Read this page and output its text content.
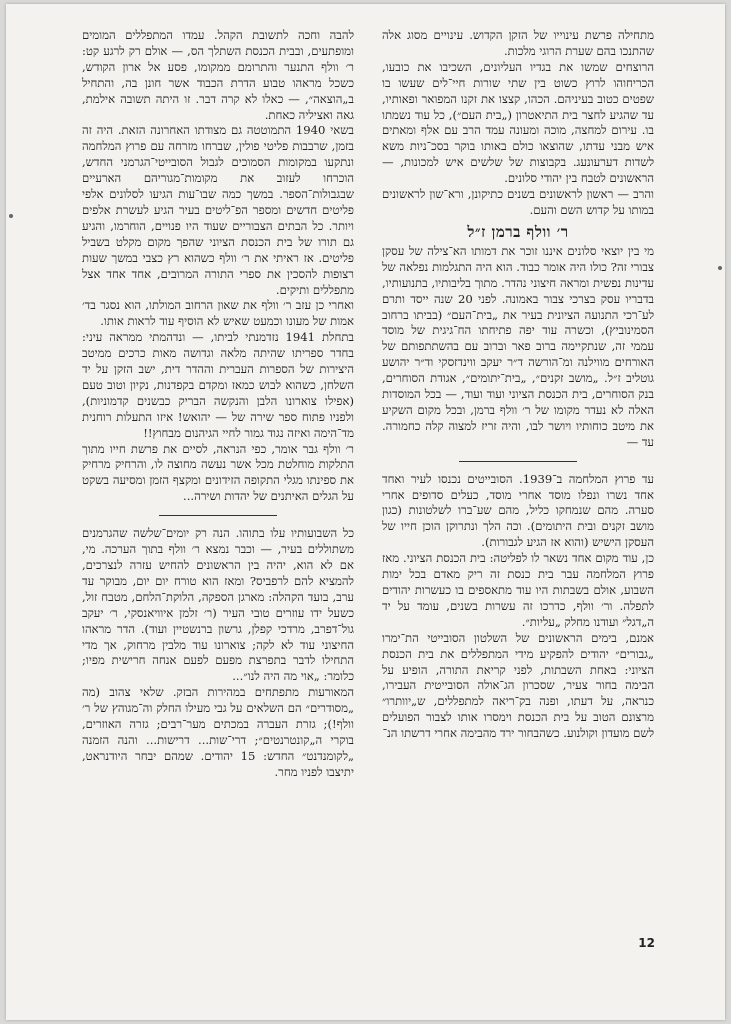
מתחילה פרשת עינוייו של הזקן הקדוש. עינויים מסוג אלה שהתנכו בהם שערת הרוגי מלכות.

הרוצחים שמשו את בגדיו העליונים, השכיבו את כובעו, הכריחוהו לרוץ כשוט בין שתי שורות חיי־לים שעשו בו שפטים כטוב בעיניהם. הכהו, קצצו את זקנו המפואר ופאותיו, עד שהגיע לחצר בית התיאטרון („בית העם״), כל עוד נשמתו בו. עירום למחצה, מוכה ומעונה עמד הרב עם אלף ומאתים איש מבני עדתו, שהוצאו כולם באותו בוקר בסכ־ניות משא לשדות דערעונעג. בקבוצות של שלשים איש למכונות, — הראשונים לטבח בין יהודי סלונים.

והרב — ראשון לראשונים בשנים כתיקונן, ורא־שון לראשונים במותו על קדוש השם והעם.

ר׳ וולף ברמן ז״ל

מי בין יוצאי סלונים איננו זוכר את דמותו הא־צילה של עסקן צבורי זה? כולו היה אומר כבוד. הוא היה התגלמות נפלאה של עדינות נפשית ומראה חיצוני נהדר. מתוך בליבותיו, בתנועותיו, בדבריו עסק בצרכי צבור באמונה. לפני 20 שנה ייסד ותרם לע־רכי התנועה הציונית בעיר את „בית־העם״ (בביתו ברחוב הסמינוביץ), וכשרה עוד יפה פתיחתו הח־גיגית של מוסד עממי זה, שנתקיימה ברוב פאר וברוב עם בהשתתפותם של האורחים מווילנה ומ־הורשה ד״ר יעקב ווינדזסקי וד״ר יהושע גוטליב ז״ל. „מושב זקנים״, „בית־יתומים״, אגודת הסוחרים, בנק הסוחרים, בית הכנסת הציוני ועוד ועוד, — בכל המוסדות האלה לא נעדר מקומו של ר׳ וולף ברמן, ובכל מקום השקיע את מיטב כוחותיו ויושר לבו, והיה זריז למצוה קלה כחמורה. עד —

עד פרוץ המלחמה ב־1939. הסובייטים נכנסו לעיר ואחד אחד נשרו ונפלו מוסד אחרי מוסד, כעלים סדופים אחרי סערה. מהם שנמחקו כליל, מהם שע־ברו לשלטונות (כגון מושב זקנים ובית היתומים). וכה הלך ונתרוקן הוכן חייו של העסקן הישיש (והוא אז הגיע לגבורות).

כן, עוד מקום אחד נשאר לו לפליטה: בית הכנסת הציוני. מאז פרוץ המלחמה עבר בית כנסת זה ריק מאדם בכל ימות השבוע, אולם בשבתות היו עוד מתאספים בו כעשרות יהודים לתפלה. ור׳ וולף, כדרכו זה עשרות בשנים, עומד על יד ה„דגל״ ועודנו מחלק „עליות״.

אמנם, בימים הראשונים של השלטון הסובייטי הת־ימרו „גבורים״ יהודים להפקיע מידי המתפללים את בית הכנסת הציוני: באחת השבתות, לפני קריאת התורה, הופיע על הבימה בחור צעיר, שסכרון הג־אולה הסובייטית העבירו, כנראה, על דעתו, ופנה בק־ריאה למתפללים, ש„יוותרו״ מרצונם הטוב על בית הכנסת וימסרו אותו לצבור הפועלים לשם מועדון וקולנוע. כשהבחור ירד מהבימה אחרי דרשתו הנ־

להבה וחכה לתשובת הקהל. עמדו המתפללים המומים ומופתעים, ובבית הכנסת השתלך הס, — אולם רק לרגע קט: ר׳ וולף התנער והתרומם ממקומו, פסע אל ארון הקודש, כשכל מראהו טבוע הדרת הכבוד אשר חונן בה, והתחיל ב„הוצאה״, — כאלו לא קרה דבר. זו היתה תשובה אילמת, גאה ואציליה כאחת.

בשאי 1940 התמוטטה גם מצודתו האחרונה הזאת. היה זה בזמן, שרבבות פליטי פולין, שברחו מזרחה עם פרוץ המלחמה ונתקעו במקומות הסמוכים לגבול הסובייטי־הגרמני החדש, הוכרחו לעזוב את מקומות־מגוריהם הארעיים שבגבולות־הספר. במשך כמה שבו־עות הגיעו לסלונים אלפי פליטים חדשים ומספר הפ־ליטים בעיר הגיע לעשרת אלפים ויותר. כל הבתים הצבוריים שעוד היו פנויים, הוחרמו, והגיע גם תורו של בית הכנסת הציוני שהפך מקום מקלט בשביל פליטים. אז ראיתי את ר׳ וולף כשהוא רץ כצבי במשך שעות רצופות להסכין את ספרי התורה המרובים, אחד אחד אצל מתפללים ותיקים.

ואחרי כן עזב ר׳ וולף את שאון הרחוב המולתו, הוא נסגר בד׳ אמות של מעונו וכמעט שאיש לא הוסיף עוד לראות אותו.

בתחלת 1941 נזדמנתי לביתו, — ונדהמתי ממראה עיני: בחדר ספריתו שהיתה מלאה וגדושה מאות כרכים ממיטב היצירות של הספרות העברית וההדר דית, ישב הזקן על יד השלחן, כשהוא לבוש כמאז ומקדם בקפדנות, נקיון וטוב טעם (אפילו צוארונו הלבן והנקשה הבריק כבשנים קדמוניות), ולפניו פתוח ספר שירה של — יהואש! איזו התעלות רוחנית מד־הימה ואיזה נגוד גמור לחיי הגיהנום מבחוץ!!

ר׳ וולף גבר אומר, כפי הנראה, לסיים את פרשת חייו מתוך התלקות מוחלטת מכל אשר נעשה מחוצה לו, והרחיק מרחיק את ספינתו מגלי התקופה הזידונים ומקצף הזמן ומסיעה בשקט על הגלים האיתנים של יהדות ושירה...

כל השבועותיו עלו בתוהו. הנה רק יומים־שלשה שהגרמנים משתוללים בעיר, — וכבר נמצא ר׳ וולף בתוך הערכה. מי, אם לא הוא, יהיה בין הראשונים להחיש עזרה לנצרכים, להמציא להם לרפביס? ומאז הוא טורח יום יום, מבוקר עד ערב, בועד הקהלה: מארגן הספקה, הלוקת־הלחם, מטבח זול, כשעל ידו עוזרים טובי העיר (ר׳ זלמן איוויאנסקי, ר׳ יעקב גול־דפרב, מרדכי קפלן, גרשון ברנשטיין ועוד). הדר מראהו החיצוני עוד לא לקה; צוארונו עוד מלבין מרחוק, אך מדי התחילו לדבר בתפרצת מפעם לפעם אנחה חרישית מפיו; כלומר: „אוי מה היה לנו״...

המאורעות מתפתחים במהירות הבזק. שלאי צהוב (מה „מסודרים״ הם השלאים על גבי מעילו החלק וה־מגוהץ של ר׳ וולף!); גזרת העברה במכתים מער־רבים; גזרה האוזרים, בוקרי ה„קונטרנטים״; דרי־שות... דרישות... והנה הזמנה „לקומנדנט״ החדש: 15 יהודים. שמהם יבחר היודנראט, יתיצבו לפניו מחר.

12
